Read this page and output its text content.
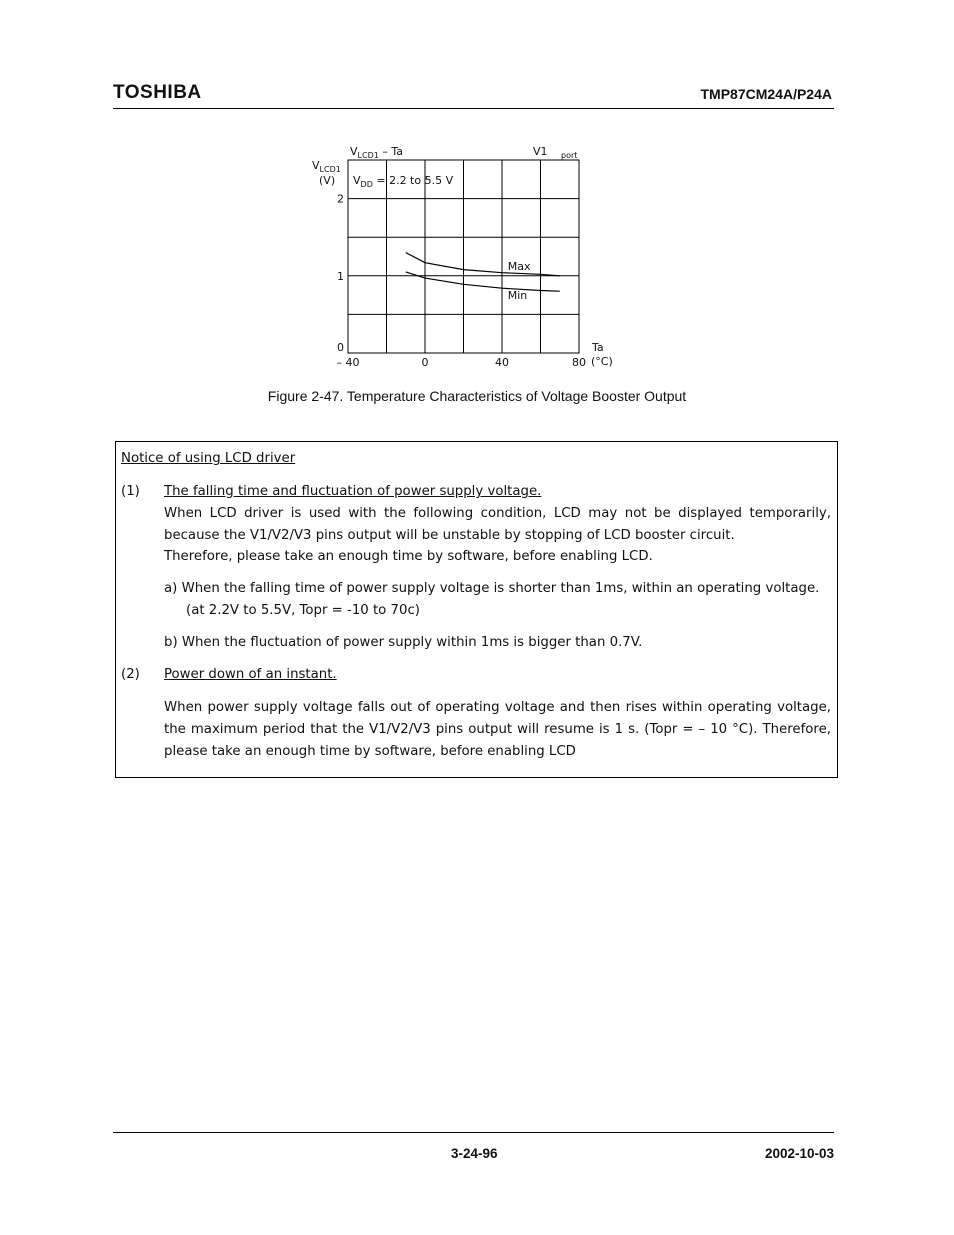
TOSHIBA	TMP87CM24A/P24A
Max
Min
– 40	0	40	80
0
1
2
$V_{LCD1}$ – Ta	V1 $_{port}$
$V_{LCD1}$
(V) $V_{DD} = 2.2$ to 5.5 V
Ta
(°C)
Figure 2-47. Temperature Characteristics of Voltage Booster Output
Notice of using LCD driver
(1) The falling time and fluctuation of power supply voltage.
When LCD driver is used with the following condition, LCD may not be displayed temporarily, because the V1/V2/V3 pins output will be unstable by stopping of LCD booster circuit.
Therefore, please take an enough time by software, before enabling LCD.
a) When the falling time of power supply voltage is shorter than 1ms, within an operating voltage.
(at 2.2V to 5.5V, Topr = -10 to 70c)
b) When the fluctuation of power supply within 1ms is bigger than 0.7V.
(2) Power down of an instant.
When power supply voltage falls out of operating voltage and then rises within operating voltage, the maximum period that the V1/V2/V3 pins output will resume is 1 s. (Topr = – 10 °C). Therefore, please take an enough time by software, before enabling LCD
3-24-96	2002-10-03
